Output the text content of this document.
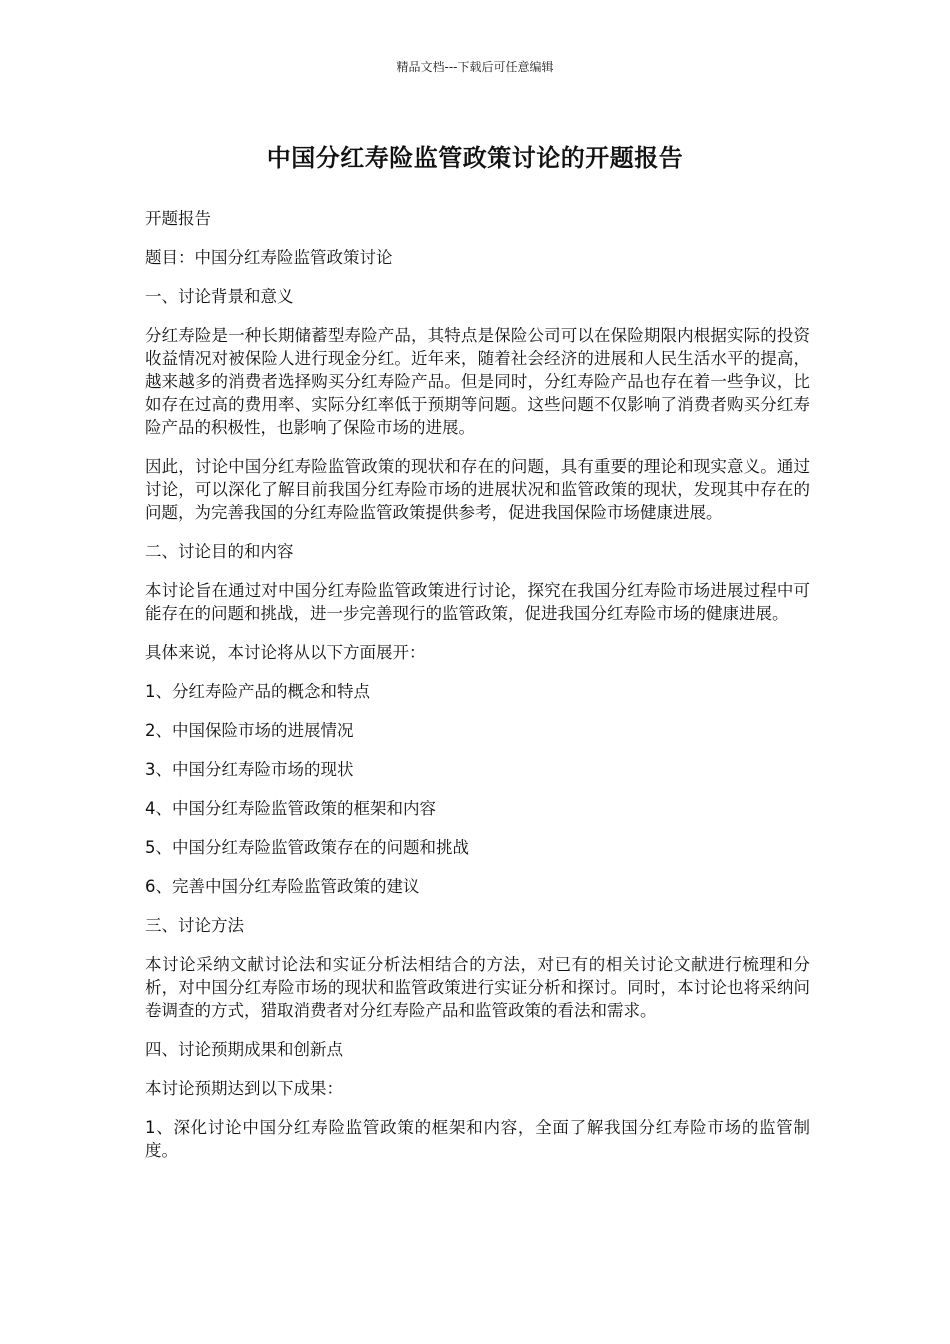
精品文档---下载后可任意编辑
中国分红寿险监管政策讨论的开题报告

开题报告

题目：中国分红寿险监管政策讨论

一、讨论背景和意义

分红寿险是一种长期储蓄型寿险产品，其特点是保险公司可以在保险期限内根据实际的投资收益情况对被保险人进行现金分红。近年来，随着社会经济的进展和人民生活水平的提高，越来越多的消费者选择购买分红寿险产品。但是同时，分红寿险产品也存在着一些争议，比如存在过高的费用率、实际分红率低于预期等问题。这些问题不仅影响了消费者购买分红寿险产品的积极性，也影响了保险市场的进展。

因此，讨论中国分红寿险监管政策的现状和存在的问题，具有重要的理论和现实意义。通过讨论，可以深化了解目前我国分红寿险市场的进展状况和监管政策的现状，发现其中存在的问题，为完善我国的分红寿险监管政策提供参考，促进我国保险市场健康进展。

二、讨论目的和内容

本讨论旨在通过对中国分红寿险监管政策进行讨论，探究在我国分红寿险市场进展过程中可能存在的问题和挑战，进一步完善现行的监管政策，促进我国分红寿险市场的健康进展。

具体来说，本讨论将从以下方面展开：

1、分红寿险产品的概念和特点

2、中国保险市场的进展情况

3、中国分红寿险市场的现状

4、中国分红寿险监管政策的框架和内容

5、中国分红寿险监管政策存在的问题和挑战

6、完善中国分红寿险监管政策的建议

三、讨论方法

本讨论采纳文献讨论法和实证分析法相结合的方法，对已有的相关讨论文献进行梳理和分析，对中国分红寿险市场的现状和监管政策进行实证分析和探讨。同时，本讨论也将采纳问卷调查的方式，猎取消费者对分红寿险产品和监管政策的看法和需求。

四、讨论预期成果和创新点

本讨论预期达到以下成果：

1、深化讨论中国分红寿险监管政策的框架和内容，全面了解我国分红寿险市场的监管制度。
